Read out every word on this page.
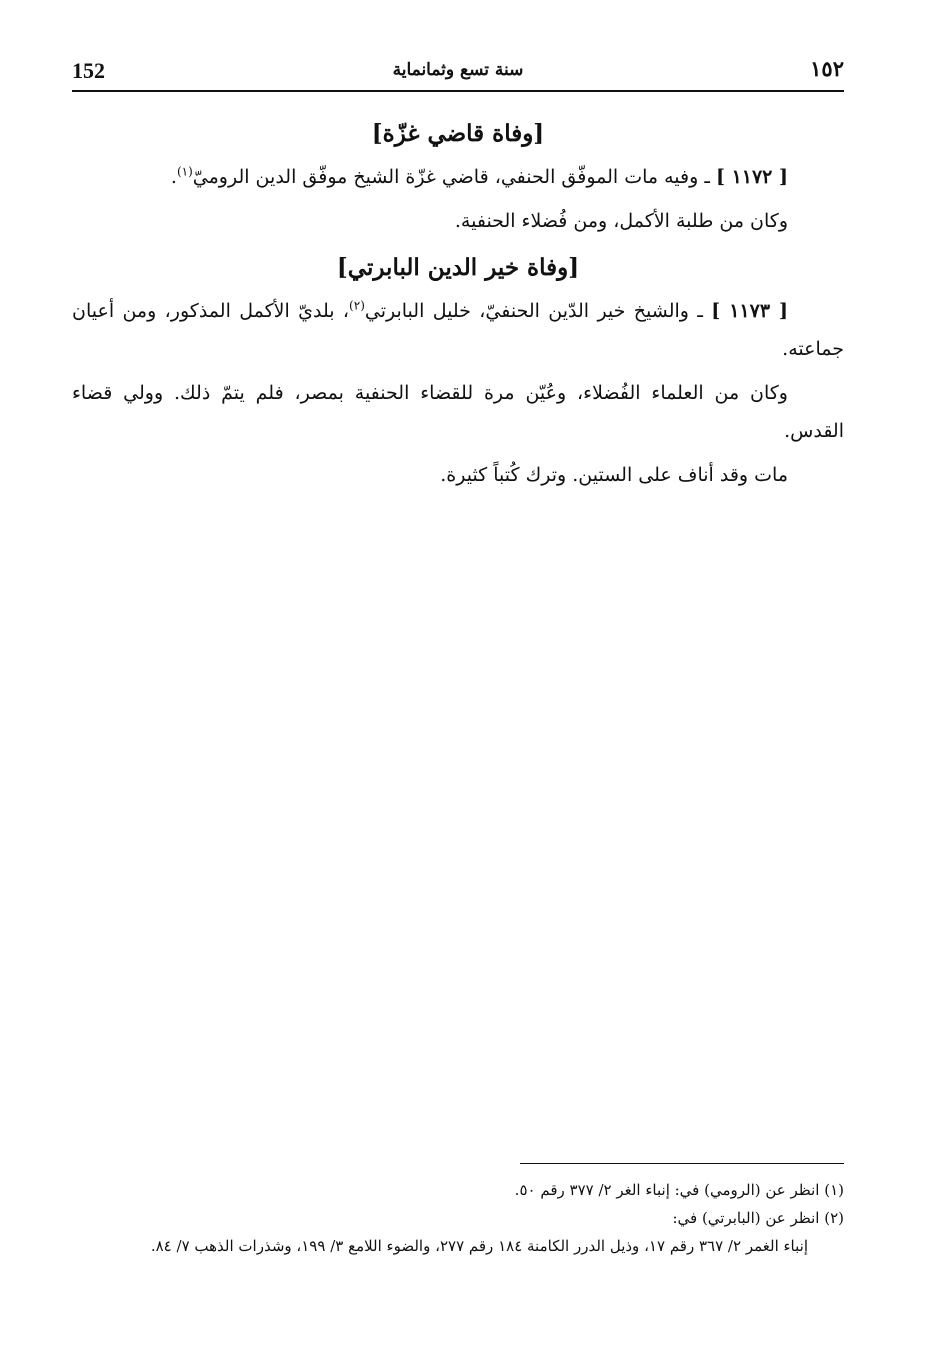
152	سنة تسع وثمانماية	١٥٢
[وفاة قاضي غزّة]

[ ١١٧٢ ] ـ وفيه مات الموفّق الحنفي، قاضي غزّة الشيخ موفّق الدين الروميّ$^{(١)}$.

وكان من طلبة الأكمل، ومن فُضلاء الحنفية.

[وفاة خير الدين البابرتي]

[ ١١٧٣ ] ـ والشيخ خير الدّين الحنفيّ، خليل البابرتي$^{(٢)}$، بلديّ الأكمل المذكور، ومن أعيان جماعته.

وكان من العلماء الفُضلاء، وعُيّن مرة للقضاء الحنفية بمصر، فلم يتمّ ذلك. وولي قضاء القدس.

مات وقد أناف على الستين. وترك كُتباً كثيرة.

(١) انظر عن (الرومي) في: إنباء الغر ٢/ ٣٧٧ رقم ٥٠.

(٢) انظر عن (البابرتي) في:

إنباء الغمر ٢/ ٣٦٧ رقم ١٧، وذيل الدرر الكامنة ١٨٤ رقم ٢٧٧، والضوء اللامع ٣/ ١٩٩، وشذرات الذهب ٧/ ٨٤.
